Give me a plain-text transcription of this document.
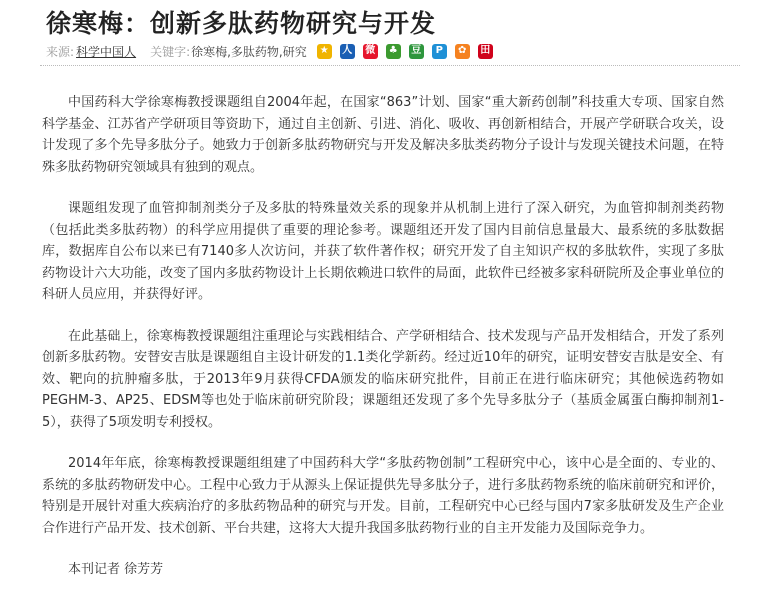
徐寒梅：创新多肽药物研究与开发
来源: 科学中国人 关键字: 徐寒梅,多肽药物,研究	★	人 微	♣	豆	P	✿	田

中国药科大学徐寒梅教授课题组自2004年起，在国家“863”计划、国家“重大新药创制”科技重大专项、国家自然科学基金、江苏省产学研项目等资助下，通过自主创新、引进、消化、吸收、再创新相结合，开展产学研联合攻关，设计发现了多个先导多肽分子。她致力于创新多肽药物研究与开发及解决多肽类药物分子设计与发现关键技术问题，在特殊多肽药物研究领域具有独到的观点。

课题组发现了血管抑制剂类分子及多肽的特殊量效关系的现象并从机制上进行了深入研究，为血管抑制剂类药物（包括此类多肽药物）的科学应用提供了重要的理论参考。课题组还开发了国内目前信息量最大、最系统的多肽数据库，数据库自公布以来已有7140多人次访问，并获了软件著作权；研究开发了自主知识产权的多肽软件，实现了多肽药物设计六大功能，改变了国内多肽药物设计上长期依赖进口软件的局面，此软件已经被多家科研院所及企事业单位的科研人员应用，并获得好评。

在此基础上，徐寒梅教授课题组注重理论与实践相结合、产学研相结合、技术发现与产品开发相结合，开发了系列创新多肽药物。安替安吉肽是课题组自主设计研发的1.1类化学新药。经过近10年的研究，证明安替安吉肽是安全、有效、靶向的抗肿瘤多肽，于2013年9月获得CFDA颁发的临床研究批件，目前正在进行临床研究；其他候选药物如PEGHM-3、AP25、EDSM等也处于临床前研究阶段；课题组还发现了多个先导多肽分子（基质金属蛋白酶抑制剂1-5），获得了5项发明专利授权。

2014年年底，徐寒梅教授课题组组建了中国药科大学“多肽药物创制”工程研究中心，该中心是全面的、专业的、系统的多肽药物研发中心。工程中心致力于从源头上保证提供先导多肽分子，进行多肽药物系统的临床前研究和评价，特别是开展针对重大疾病治疗的多肽药物品种的研究与开发。目前，工程研究中心已经与国内7家多肽研发及生产企业合作进行产品开发、技术创新、平台共建，这将大大提升我国多肽药物行业的自主开发能力及国际竞争力。

本刊记者 徐芳芳
